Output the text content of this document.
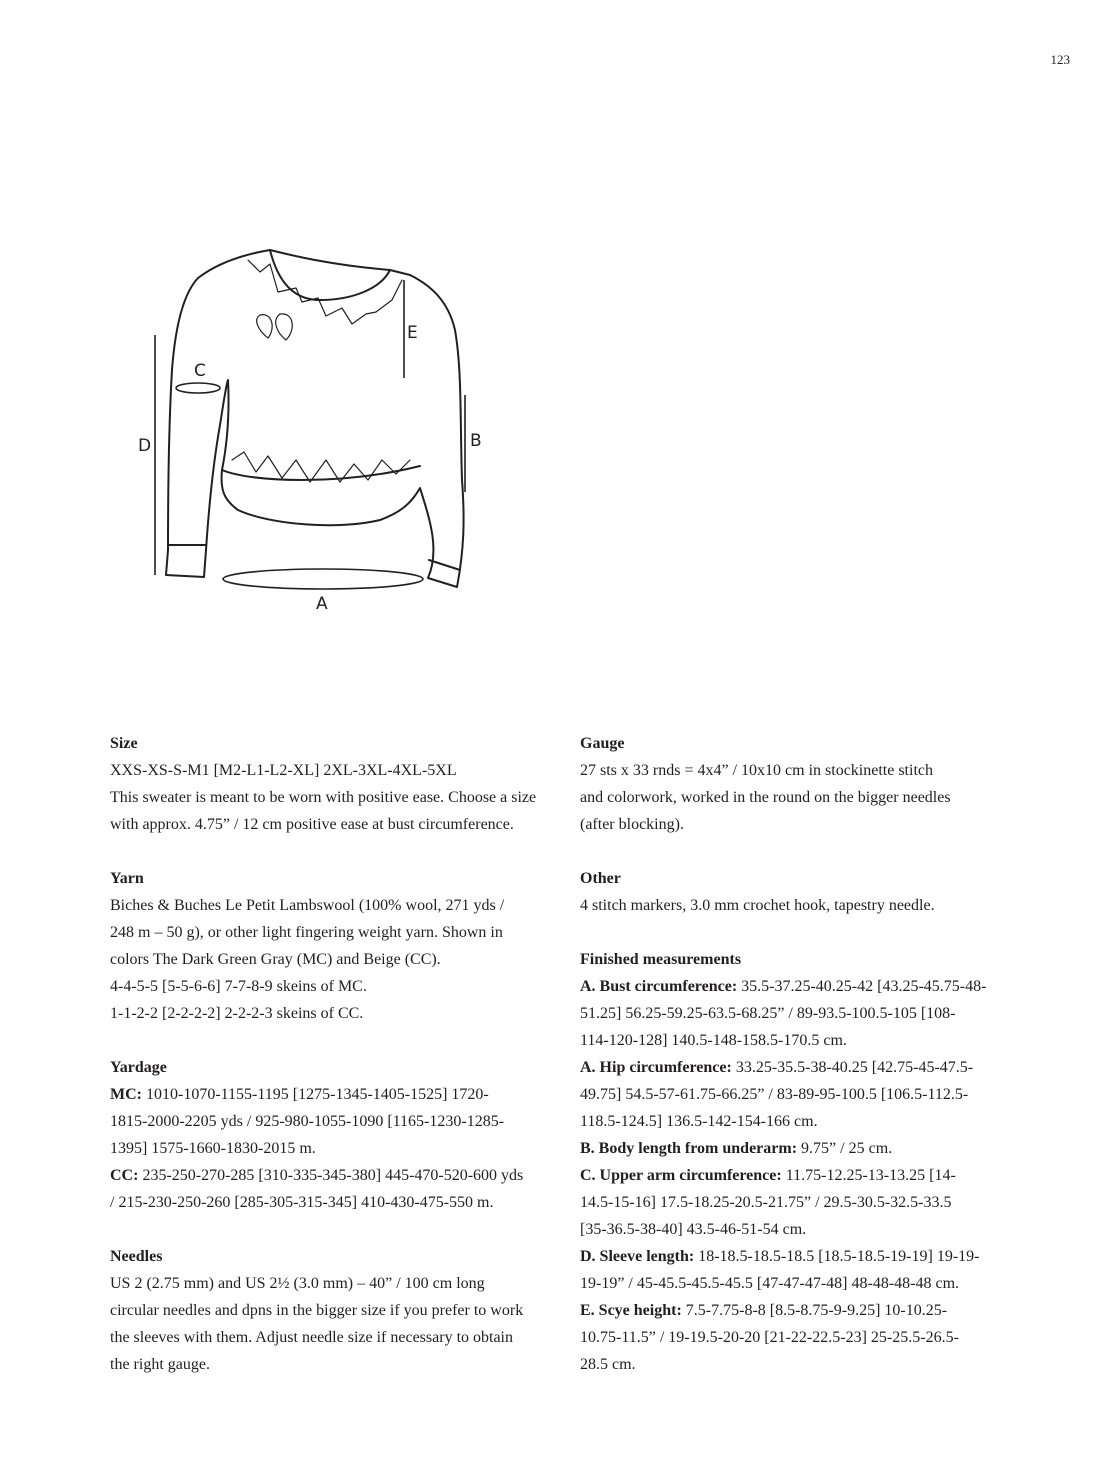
123
D
C
E
B
A
Size
XXS-XS-S-M1 [M2-L1-L2-XL] 2XL-3XL-4XL-5XL
This sweater is meant to be worn with positive ease. Choose a size
with approx. 4.75” / 12 cm positive ease at bust circumference.
Yarn
Biches & Buches Le Petit Lambswool (100% wool, 271 yds /
248 m – 50 g), or other light fingering weight yarn. Shown in
colors The Dark Green Gray (MC) and Beige (CC).
4-4-5-5 [5-5-6-6] 7-7-8-9 skeins of MC.
1-1-2-2 [2-2-2-2] 2-2-2-3 skeins of CC.
Yardage
MC: 1010-1070-1155-1195 [1275-1345-1405-1525] 1720-
1815-2000-2205 yds / 925-980-1055-1090 [1165-1230-1285-
1395] 1575-1660-1830-2015 m.
CC: 235-250-270-285 [310-335-345-380] 445-470-520-600 yds
/ 215-230-250-260 [285-305-315-345] 410-430-475-550 m.
Needles
US 2 (2.75 mm) and US 2½ (3.0 mm) – 40” / 100 cm long
circular needles and dpns in the bigger size if you prefer to work
the sleeves with them. Adjust needle size if necessary to obtain
the right gauge.
Gauge
27 sts x 33 rnds = 4x4” / 10x10 cm in stockinette stitch
and colorwork, worked in the round on the bigger needles
(after blocking).
Other
4 stitch markers, 3.0 mm crochet hook, tapestry needle.
Finished measurements
A. Bust circumference: 35.5-37.25-40.25-42 [43.25-45.75-48-
51.25] 56.25-59.25-63.5-68.25” / 89-93.5-100.5-105 [108-
114-120-128] 140.5-148-158.5-170.5 cm.
A. Hip circumference: 33.25-35.5-38-40.25 [42.75-45-47.5-
49.75] 54.5-57-61.75-66.25” / 83-89-95-100.5 [106.5-112.5-
118.5-124.5] 136.5-142-154-166 cm.
B. Body length from underarm: 9.75” / 25 cm.
C. Upper arm circumference: 11.75-12.25-13-13.25 [14-
14.5-15-16] 17.5-18.25-20.5-21.75” / 29.5-30.5-32.5-33.5
[35-36.5-38-40] 43.5-46-51-54 cm.
D. Sleeve length: 18-18.5-18.5-18.5 [18.5-18.5-19-19] 19-19-
19-19” / 45-45.5-45.5-45.5 [47-47-47-48] 48-48-48-48 cm.
E. Scye height: 7.5-7.75-8-8 [8.5-8.75-9-9.25] 10-10.25-
10.75-11.5” / 19-19.5-20-20 [21-22-22.5-23] 25-25.5-26.5-
28.5 cm.
